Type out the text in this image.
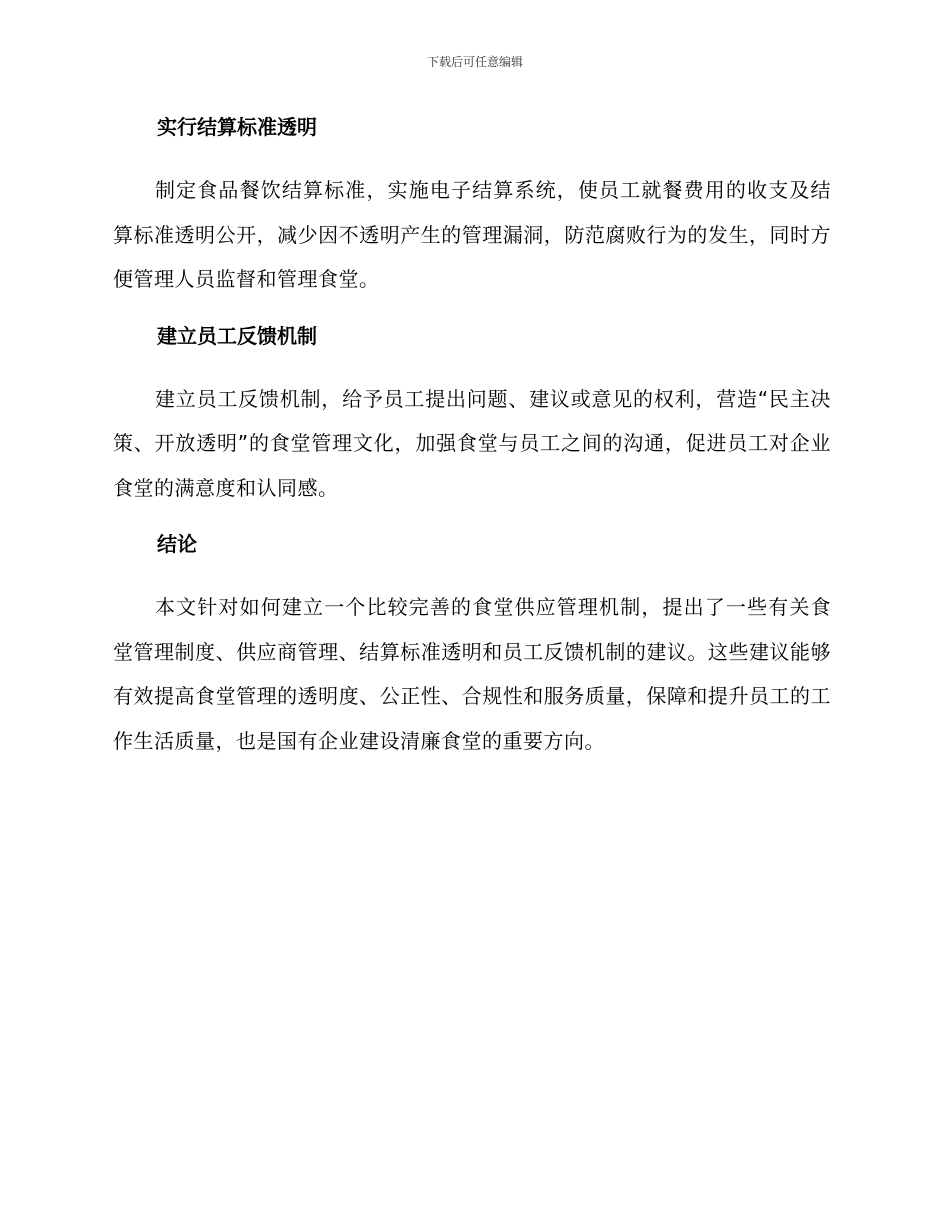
下载后可任意编辑
实行结算标准透明

制定食品餐饮结算标准，实施电子结算系统，使员工就餐费用的收支及结算标准透明公开，减少因不透明产生的管理漏洞，防范腐败行为的发生，同时方便管理人员监督和管理食堂。

建立员工反馈机制

建立员工反馈机制，给予员工提出问题、建议或意见的权利，营造“民主决策、开放透明”的食堂管理文化，加强食堂与员工之间的沟通，促进员工对企业食堂的满意度和认同感。

结论

本文针对如何建立一个比较完善的食堂供应管理机制，提出了一些有关食堂管理制度、供应商管理、结算标准透明和员工反馈机制的建议。这些建议能够有效提高食堂管理的透明度、公正性、合规性和服务质量，保障和提升员工的工作生活质量，也是国有企业建设清廉食堂的重要方向。
